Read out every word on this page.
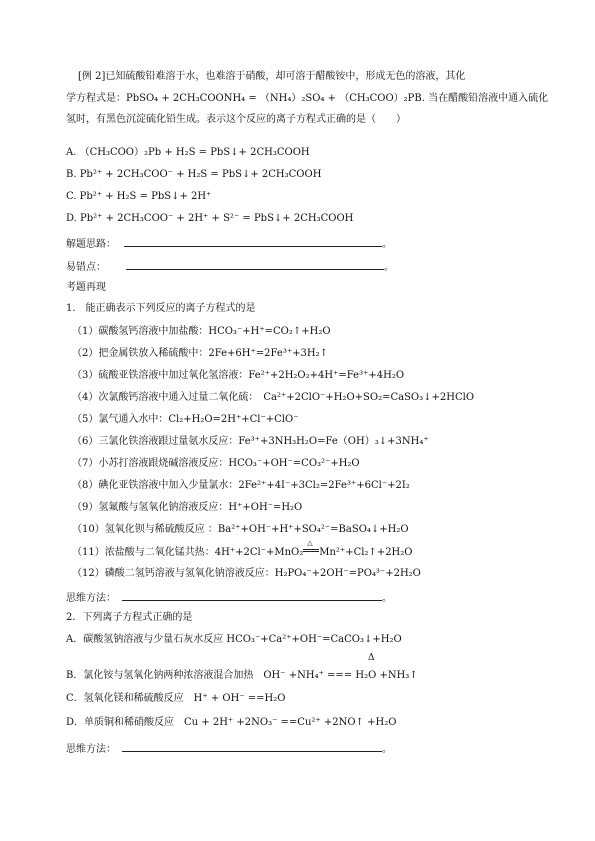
[例 2]已知硫酸铅难溶于水，也难溶于硝酸，却可溶于醋酸铵中，形成无色的溶液，其化
学方程式是：PbSO₄ + 2CH₃COONH₄ = （NH₄）₂SO₄ + （CH₃COO）₂PB. 当在醋酸铅溶液中通入硫化
氢时，有黑色沉淀硫化铅生成。表示这个反应的离子方程式正确的是（　　）
A. （CH₃COO）₂Pb + H₂S = PbS↓+ 2CH₃COOH
B. Pb²⁺ + 2CH₃COO⁻ + H₂S = PbS↓+ 2CH₃COOH
C. Pb²⁺ + H₂S = PbS↓+ 2H⁺
D. Pb²⁺ + 2CH₃COO⁻ + 2H⁺ + S²⁻ = PbS↓+ 2CH₃COOH
解题思路：	。
易错点：	。
考题再现
1.　能正确表示下列反应的离子方程式的是
（1）碳酸氢钙溶液中加盐酸：HCO₃⁻+H⁺=CO₂↑+H₂O
（2）把金属铁放入稀硫酸中：2Fe+6H⁺=2Fe³⁺+3H₂↑
（3）硫酸亚铁溶液中加过氧化氢溶液：Fe²⁺+2H₂O₂+4H⁺=Fe³⁺+4H₂O
（4）次氯酸钙溶液中通入过量二氧化硫：　Ca²⁺+2ClO⁻+H₂O+SO₂=CaSO₃↓+2HClO
（5）氯气通入水中：Cl₂+H₂O=2H⁺+Cl⁻+ClO⁻
（6）三氯化铁溶液跟过量氨水反应：Fe³⁺+3NH₃H₂O=Fe（OH）₃↓+3NH₄⁺
（7）小苏打溶液跟烧碱溶液反应：HCO₃⁻+OH⁻=CO₃²⁻+H₂O
（8）碘化亚铁溶液中加入少量氯水：2Fe²⁺+4I⁻+3Cl₂=2Fe³⁺+6Cl⁻+2I₂
（9）氢氟酸与氢氧化钠溶液反应：H⁺+OH⁻=H₂O
（10）氢氧化钡与稀硫酸反应 ：Ba²⁺+OH⁻+H⁺+SO₄²⁻=BaSO₄↓+H₂O
（11）浓盐酸与二氧化锰共热：4H⁺+2Cl⁻+MnO₂
△
Mn²⁺+Cl₂↑+2H₂O
（12）磷酸二氢钙溶液与氢氧化钠溶液反应：H₂PO₄⁻+2OH⁻=PO₄³⁻+2H₂O
思维方法：	。
2．下列离子方程式正确的是
A．碳酸氢钠溶液与少量石灰水反应 HCO₃⁻+Ca²⁺+OH⁻=CaCO₃↓+H₂O
Δ
B．氯化铵与氢氧化钠两种浓溶液混合加热　OH⁻ +NH₄⁺ === H₂O +NH₃↑
C．氢氧化镁和稀硫酸反应　H⁺ + OH⁻ ==H₂O
D．单质铜和稀硝酸反应　Cu + 2H⁺ +2NO₃⁻ ==Cu²⁺ +2NO↑ +H₂O
思维方法：	。
